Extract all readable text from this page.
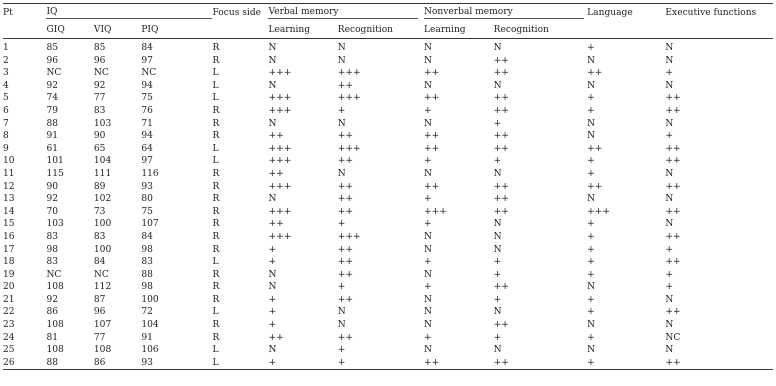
Pt	IQ			Focus side	Verbal memory		Nonverbal memory		Language	Executive functions
	GIQ	VIQ	PIQ		Learning	Recognition	Learning	Recognition		

1	85	85	84	R	N	N	N	N	+	N
2	96	96	97	R	N	N	N	++	N	N
3	NC	NC	NC	L	+++	+++	++	++	++	+
4	92	92	94	L	N	++	N	N	N	N
5	74	77	75	L	+++	+++	++	++	+	++
6	79	83	76	R	+++	+	+	++	+	++
7	88	103	71	R	N	N	N	+	N	N
8	91	90	94	R	++	++	++	++	N	+
9	61	65	64	L	+++	+++	++	++	++	++
10	101	104	97	L	+++	++	+	+	+	++
11	115	111	116	R	++	N	N	N	+	N
12	90	89	93	R	+++	++	++	++	++	++
13	92	102	80	R	N	++	+	++	N	N
14	70	73	75	R	+++	++	+++	++	+++	++
15	103	100	107	R	++	+	+	N	+	N
16	83	83	84	R	+++	+++	N	N	+	++
17	98	100	98	R	+	++	N	N	+	+
18	83	84	83	L	+	++	+	+	+	++
19	NC	NC	88	R	N	++	N	+	+	+
20	108	112	98	R	N	+	+	++	N	+
21	92	87	100	R	+	++	N	+	+	N
22	86	96	72	L	+	N	N	N	+	++
23	108	107	104	R	+	N	N	++	N	N
24	81	77	91	R	++	++	+	+	+	NC
25	108	108	106	L	N	+	N	N	N	N
26	88	86	93	L	+	+	++	++	+	++
